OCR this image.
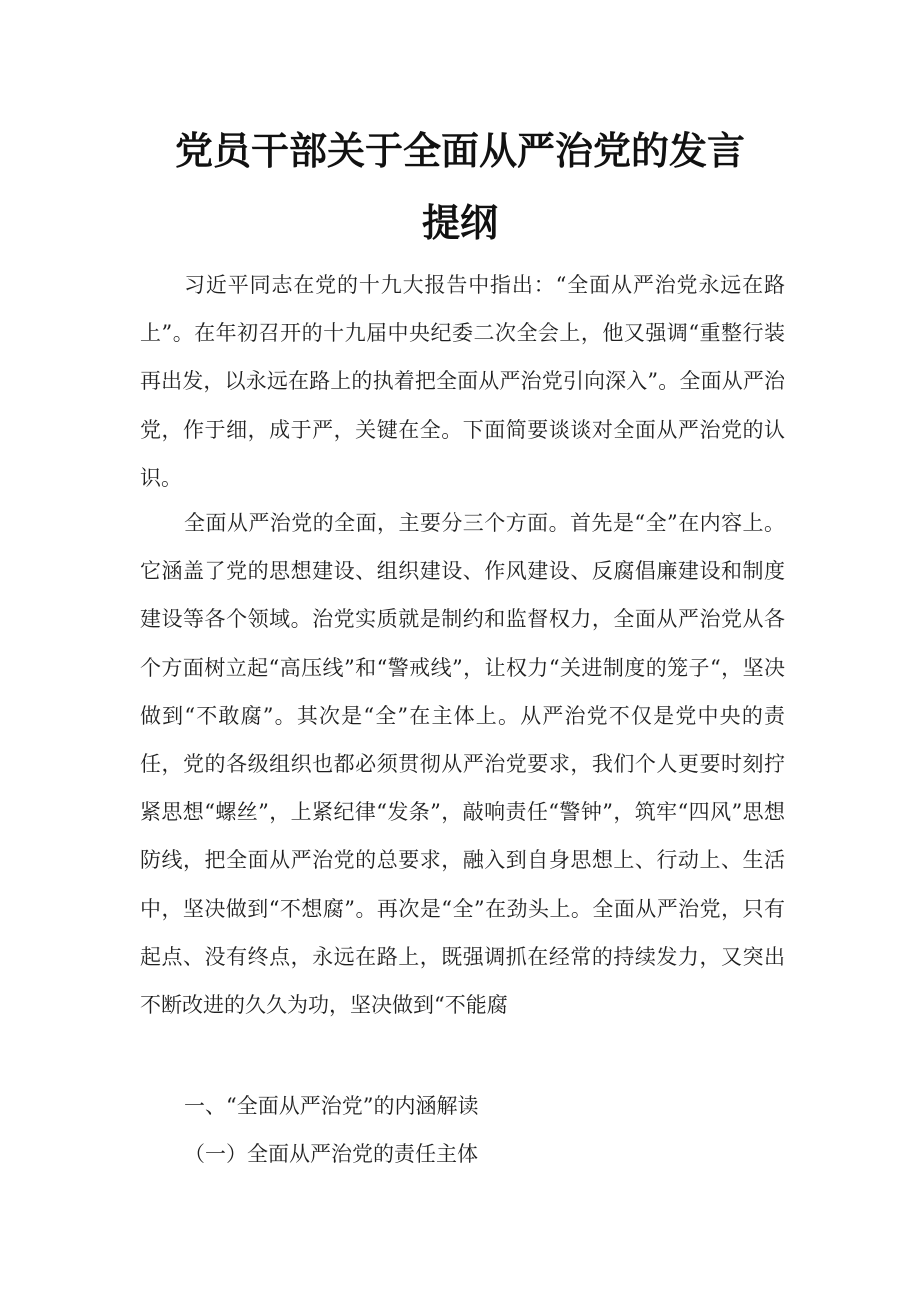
党员干部关于全面从严治党的发言
提纲

习近平同志在党的十九大报告中指出：“全面从严治党永远在路上”。在年初召开的十九届中央纪委二次全会上，他又强调“重整行装再出发，以永远在路上的执着把全面从严治党引向深入”。全面从严治党，作于细，成于严，关键在全。下面简要谈谈对全面从严治党的认识。

全面从严治党的全面，主要分三个方面。首先是“全”在内容上。它涵盖了党的思想建设、组织建设、作风建设、反腐倡廉建设和制度建设等各个领域。治党实质就是制约和监督权力，全面从严治党从各个方面树立起“高压线”和“警戒线”，让权力“关进制度的笼子“，坚决做到“不敢腐”。其次是“全”在主体上。从严治党不仅是党中央的责任，党的各级组织也都必须贯彻从严治党要求，我们个人更要时刻拧紧思想“螺丝”，上紧纪律“发条”，敲响责任“警钟”，筑牢“四风”思想防线，把全面从严治党的总要求，融入到自身思想上、行动上、生活中，坚决做到“不想腐”。再次是“全”在劲头上。全面从严治党，只有起点、没有终点，永远在路上，既强调抓在经常的持续发力，又突出不断改进的久久为功，坚决做到“不能腐

一、“全面从严治党”的内涵解读
（一）全面从严治党的责任主体
